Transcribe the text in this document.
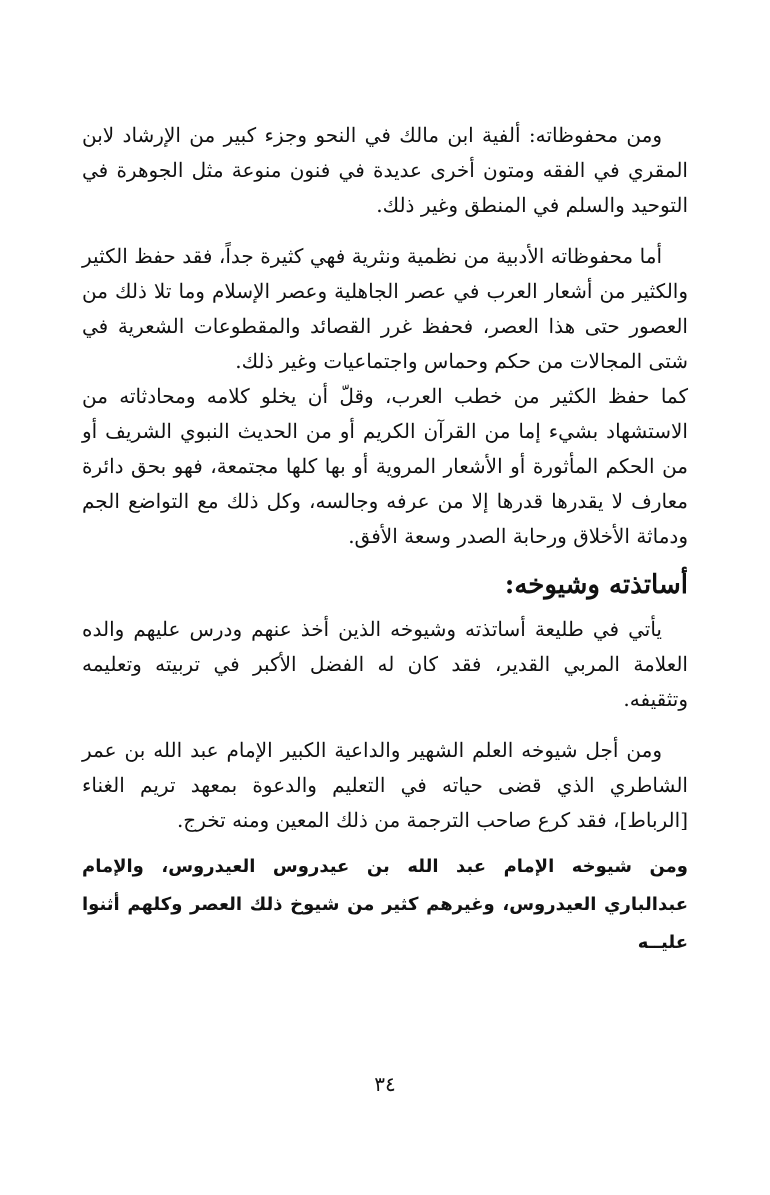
ومن محفوظاته: ألفية ابن مالك في النحو وجزء كبير من الإرشاد لابن المقري في الفقه ومتون أخرى عديدة في فنون منوعة مثل الجوهرة في التوحيد والسلم في المنطق وغير ذلك.

أما محفوظاته الأدبية من نظمية ونثرية فهي كثيرة جداً، فقد حفظ الكثير والكثير من أشعار العرب في عصر الجاهلية وعصر الإسلام وما تلا ذلك من العصور حتى هذا العصر، فحفظ غرر القصائد والمقطوعات الشعرية في شتى المجالات من حكم وحماس واجتماعيات وغير ذلك.

كما حفظ الكثير من خطب العرب، وقلّ أن يخلو كلامه ومحادثاته من الاستشهاد بشيء إما من القرآن الكريم أو من الحديث النبوي الشريف أو من الحكم المأثورة أو الأشعار المروية أو بها كلها مجتمعة، فهو بحق دائرة معارف لا يقدرها قدرها إلا من عرفه وجالسه، وكل ذلك مع التواضع الجم ودماثة الأخلاق ورحابة الصدر وسعة الأفق.

أساتذته وشيوخه:

يأتي في طليعة أساتذته وشيوخه الذين أخذ عنهم ودرس عليهم والده العلامة المربي القدير، فقد كان له الفضل الأكبر في تربيته وتعليمه وتثقيفه.

ومن أجل شيوخه العلم الشهير والداعية الكبير الإمام عبد الله بن عمر الشاطري الذي قضى حياته في التعليم والدعوة بمعهد تريم الغناء [الرباط]، فقد كرع صاحب الترجمة من ذلك المعين ومنه تخرج.

ومن شيوخه الإمام عبد الله بن عيدروس العيدروس، والإمام عبدالباري العيدروس، وغيرهم كثير من شيوخ ذلك العصر وكلهم أثنوا عليــه

٣٤
